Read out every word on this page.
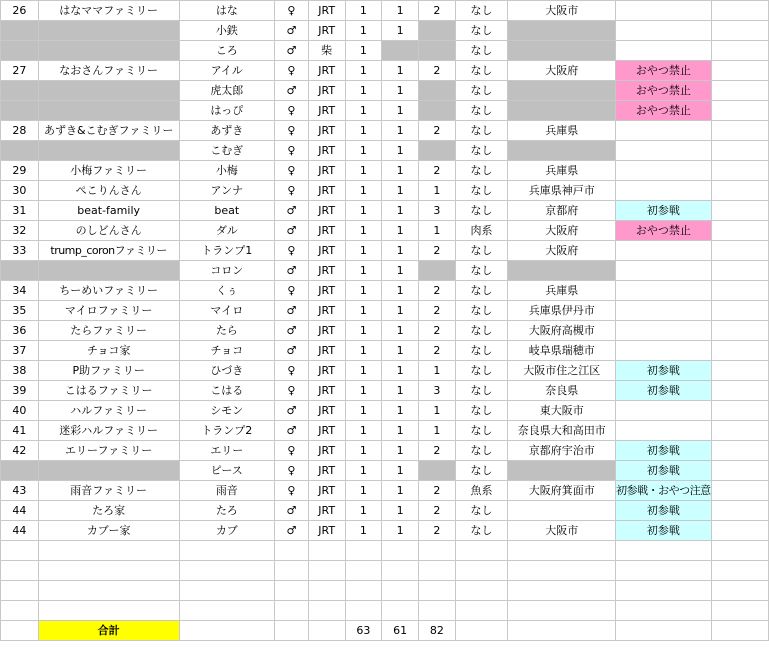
26	はなママファミリー	はな	♀	JRT	1	1	2	なし	大阪市		
		小鉄	♂	JRT	1	1		なし			
		ころ	♂	柴	1			なし			
27	なおさんファミリー	アイル	♀	JRT	1	1	2	なし	大阪府	おやつ禁止	
		虎太郎	♂	JRT	1	1		なし		おやつ禁止	
		はっぴ	♀	JRT	1	1		なし		おやつ禁止	
28	あずき&こむぎファミリー	あずき	♀	JRT	1	1	2	なし	兵庫県		
		こむぎ	♀	JRT	1	1		なし			
29	小梅ファミリー	小梅	♀	JRT	1	1	2	なし	兵庫県		
30	ぺこりんさん	アンナ	♀	JRT	1	1	1	なし	兵庫県神戸市		
31	beat-family	beat	♂	JRT	1	1	3	なし	京都府	初参戦	
32	のしどんさん	ダル	♂	JRT	1	1	1	肉系	大阪府	おやつ禁止	
33	trump_coronファミリー	トランプ1	♀	JRT	1	1	2	なし	大阪府		
		コロン	♂	JRT	1	1		なし			
34	ちーめいファミリー	くぅ	♀	JRT	1	1	2	なし	兵庫県		
35	マイロファミリー	マイロ	♂	JRT	1	1	2	なし	兵庫県伊丹市		
36	たらファミリー	たら	♂	JRT	1	1	2	なし	大阪府高槻市		
37	チョコ家	チョコ	♂	JRT	1	1	2	なし	岐阜県瑞穂市		
38	P助ファミリー	ひづき	♀	JRT	1	1	1	なし	大阪市住之江区	初参戦	
39	こはるファミリー	こはる	♀	JRT	1	1	3	なし	奈良県	初参戦	
40	ハルファミリー	シモン	♂	JRT	1	1	1	なし	東大阪市		
41	迷彩ハルファミリー	トランプ2	♂	JRT	1	1	1	なし	奈良県大和高田市		
42	エリーファミリー	エリー	♀	JRT	1	1	2	なし	京都府宇治市	初参戦	
		ピース	♀	JRT	1	1		なし		初参戦	
43	雨音ファミリー	雨音	♀	JRT	1	1	2	魚系	大阪府箕面市	初参戦・おやつ注意	
44	たろ家	たろ	♂	JRT	1	1	2	なし		初参戦	
44	カブー家	カブ	♂	JRT	1	1	2	なし	大阪市	初参戦	

	合計				63	61	82				
